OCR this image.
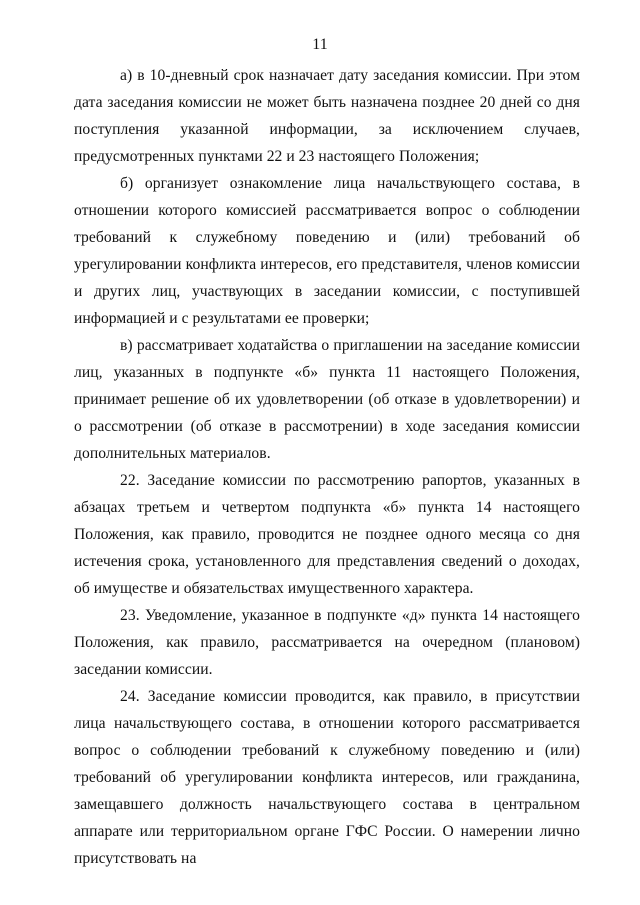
11

а) в 10-дневный срок назначает дату заседания комиссии. При этом дата заседания комиссии не может быть назначена позднее 20 дней со дня поступления указанной информации, за исключением случаев, предусмотренных пунктами 22 и 23 настоящего Положения;

б) организует ознакомление лица начальствующего состава, в отношении которого комиссией рассматривается вопрос о соблюдении требований к служебному поведению и (или) требований об урегулировании конфликта интересов, его представителя, членов комиссии и других лиц, участвующих в заседании комиссии, с поступившей информацией и с результатами ее проверки;

в) рассматривает ходатайства о приглашении на заседание комиссии лиц, указанных в подпункте «б» пункта 11 настоящего Положения, принимает решение об их удовлетворении (об отказе в удовлетворении) и о рассмотрении (об отказе в рассмотрении) в ходе заседания комиссии дополнительных материалов.

22. Заседание комиссии по рассмотрению рапортов, указанных в абзацах третьем и четвертом подпункта «б» пункта 14 настоящего Положения, как правило, проводится не позднее одного месяца со дня истечения срока, установленного для представления сведений о доходах, об имуществе и обязательствах имущественного характера.

23. Уведомление, указанное в подпункте «д» пункта 14 настоящего Положения, как правило, рассматривается на очередном (плановом) заседании комиссии.

24. Заседание комиссии проводится, как правило, в присутствии лица начальствующего состава, в отношении которого рассматривается вопрос о соблюдении требований к служебному поведению и (или) требований об урегулировании конфликта интересов, или гражданина, замещавшего должность начальствующего состава в центральном аппарате или территориальном органе ГФС России. О намерении лично присутствовать на
